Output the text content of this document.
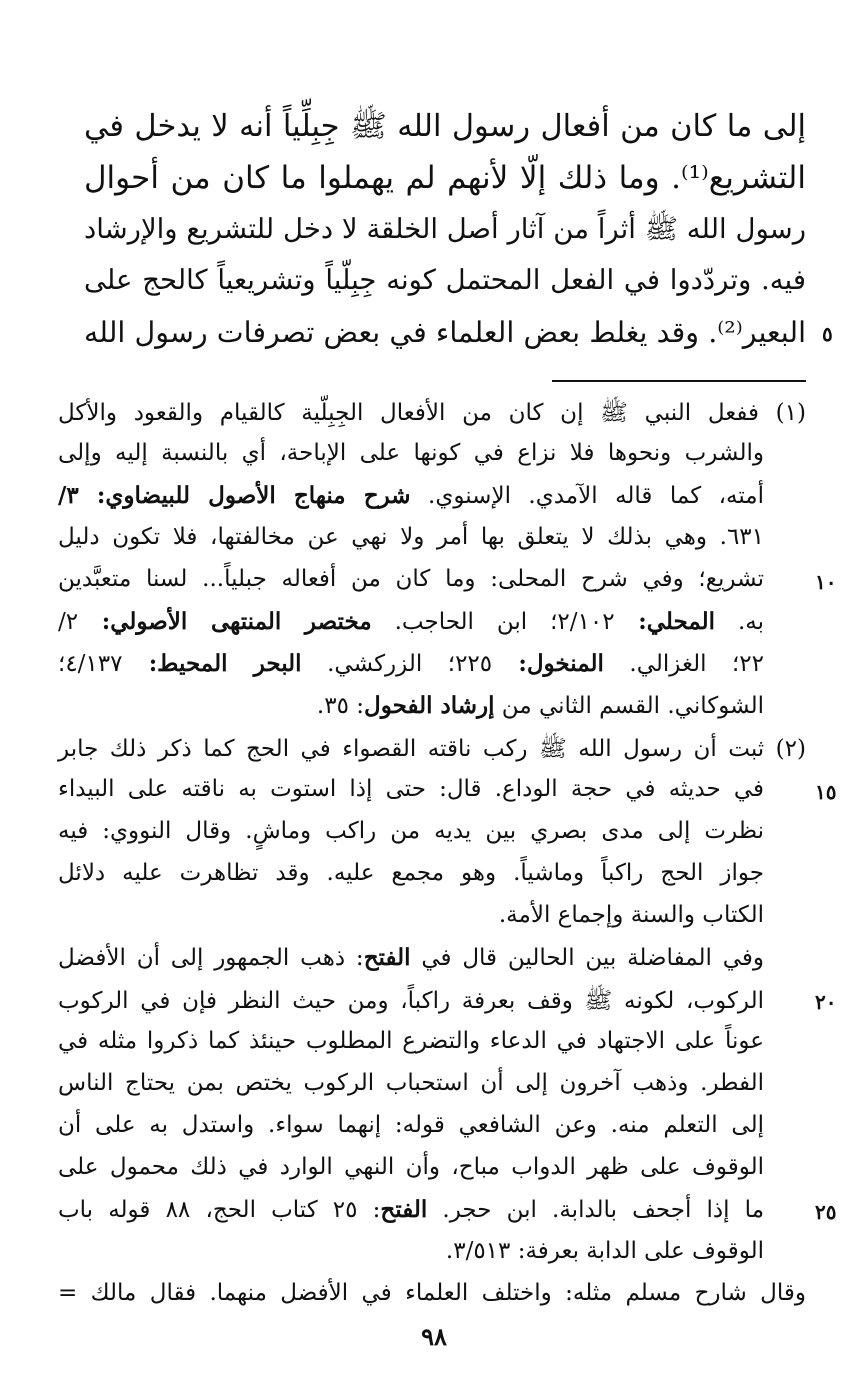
إلى ما كان من أفعال رسول الله ﷺ جِبِلِّياً أنه لا يدخل في
التشريع⁽¹⁾. وما ذلك إلّا لأنهم لم يهملوا ما كان من أحوال
رسول الله ﷺ أثراً من آثار أصل الخلقة لا دخل للتشريع والإرشاد
فيه. وتردّدوا في الفعل المحتمل كونه جِبِلّياً وتشريعياً كالحج على
البعير⁽²⁾. وقد يغلط بعض العلماء في بعض تصرفات رسول الله ٥
(١) ففعل النبي ﷺ إن كان من الأفعال الجِبِلّية كالقيام والقعود والأكل
والشرب ونحوها فلا نزاع في كونها على الإباحة، أي بالنسبة إليه وإلى
أمته، كما قاله الآمدي. الإسنوي. شرح منهاج الأصول للبيضاوي: ٣/
٦٣١. وهي بذلك لا يتعلق بها أمر ولا نهي عن مخالفتها، فلا تكون دليل
تشريع؛ وفي شرح المحلى: وما كان من أفعاله جبلياً... لسنا متعبَّدين
به. المحلي: ٢/١٠٢؛ ابن الحاجب. مختصر المنتهى الأصولي: ٢/
٢٢؛ الغزالي. المنخول: ٢٢٥؛ الزركشي. البحر المحيط: ٤/١٣٧؛
الشوكاني. القسم الثاني من إرشاد الفحول: ٣٥.
(٢) ثبت أن رسول الله ﷺ ركب ناقته القصواء في الحج كما ذكر ذلك جابر
في حديثه في حجة الوداع. قال: حتى إذا استوت به ناقته على البيداء
نظرت إلى مدى بصري بين يديه من راكب وماشٍ. وقال النووي: فيه
جواز الحج راكباً وماشياً. وهو مجمع عليه. وقد تظاهرت عليه دلائل
الكتاب والسنة وإجماع الأمة.
وفي المفاضلة بين الحالين قال في الفتح: ذهب الجمهور إلى أن الأفضل
الركوب، لكونه ﷺ وقف بعرفة راكباً، ومن حيث النظر فإن في الركوب
عوناً على الاجتهاد في الدعاء والتضرع المطلوب حينئذ كما ذكروا مثله في
الفطر. وذهب آخرون إلى أن استحباب الركوب يختص بمن يحتاج الناس
إلى التعلم منه. وعن الشافعي قوله: إنهما سواء. واستدل به على أن
الوقوف على ظهر الدواب مباح، وأن النهي الوارد في ذلك محمول على
ما إذا أجحف بالدابة. ابن حجر. الفتح: ٢٥ كتاب الحج، ٨٨ قوله باب
الوقوف على الدابة بعرفة: ٣/٥١٣.
وقال شارح مسلم مثله: واختلف العلماء في الأفضل منهما. فقال مالك =
١٠
١٥
٢٠
٢٥
٩٨
